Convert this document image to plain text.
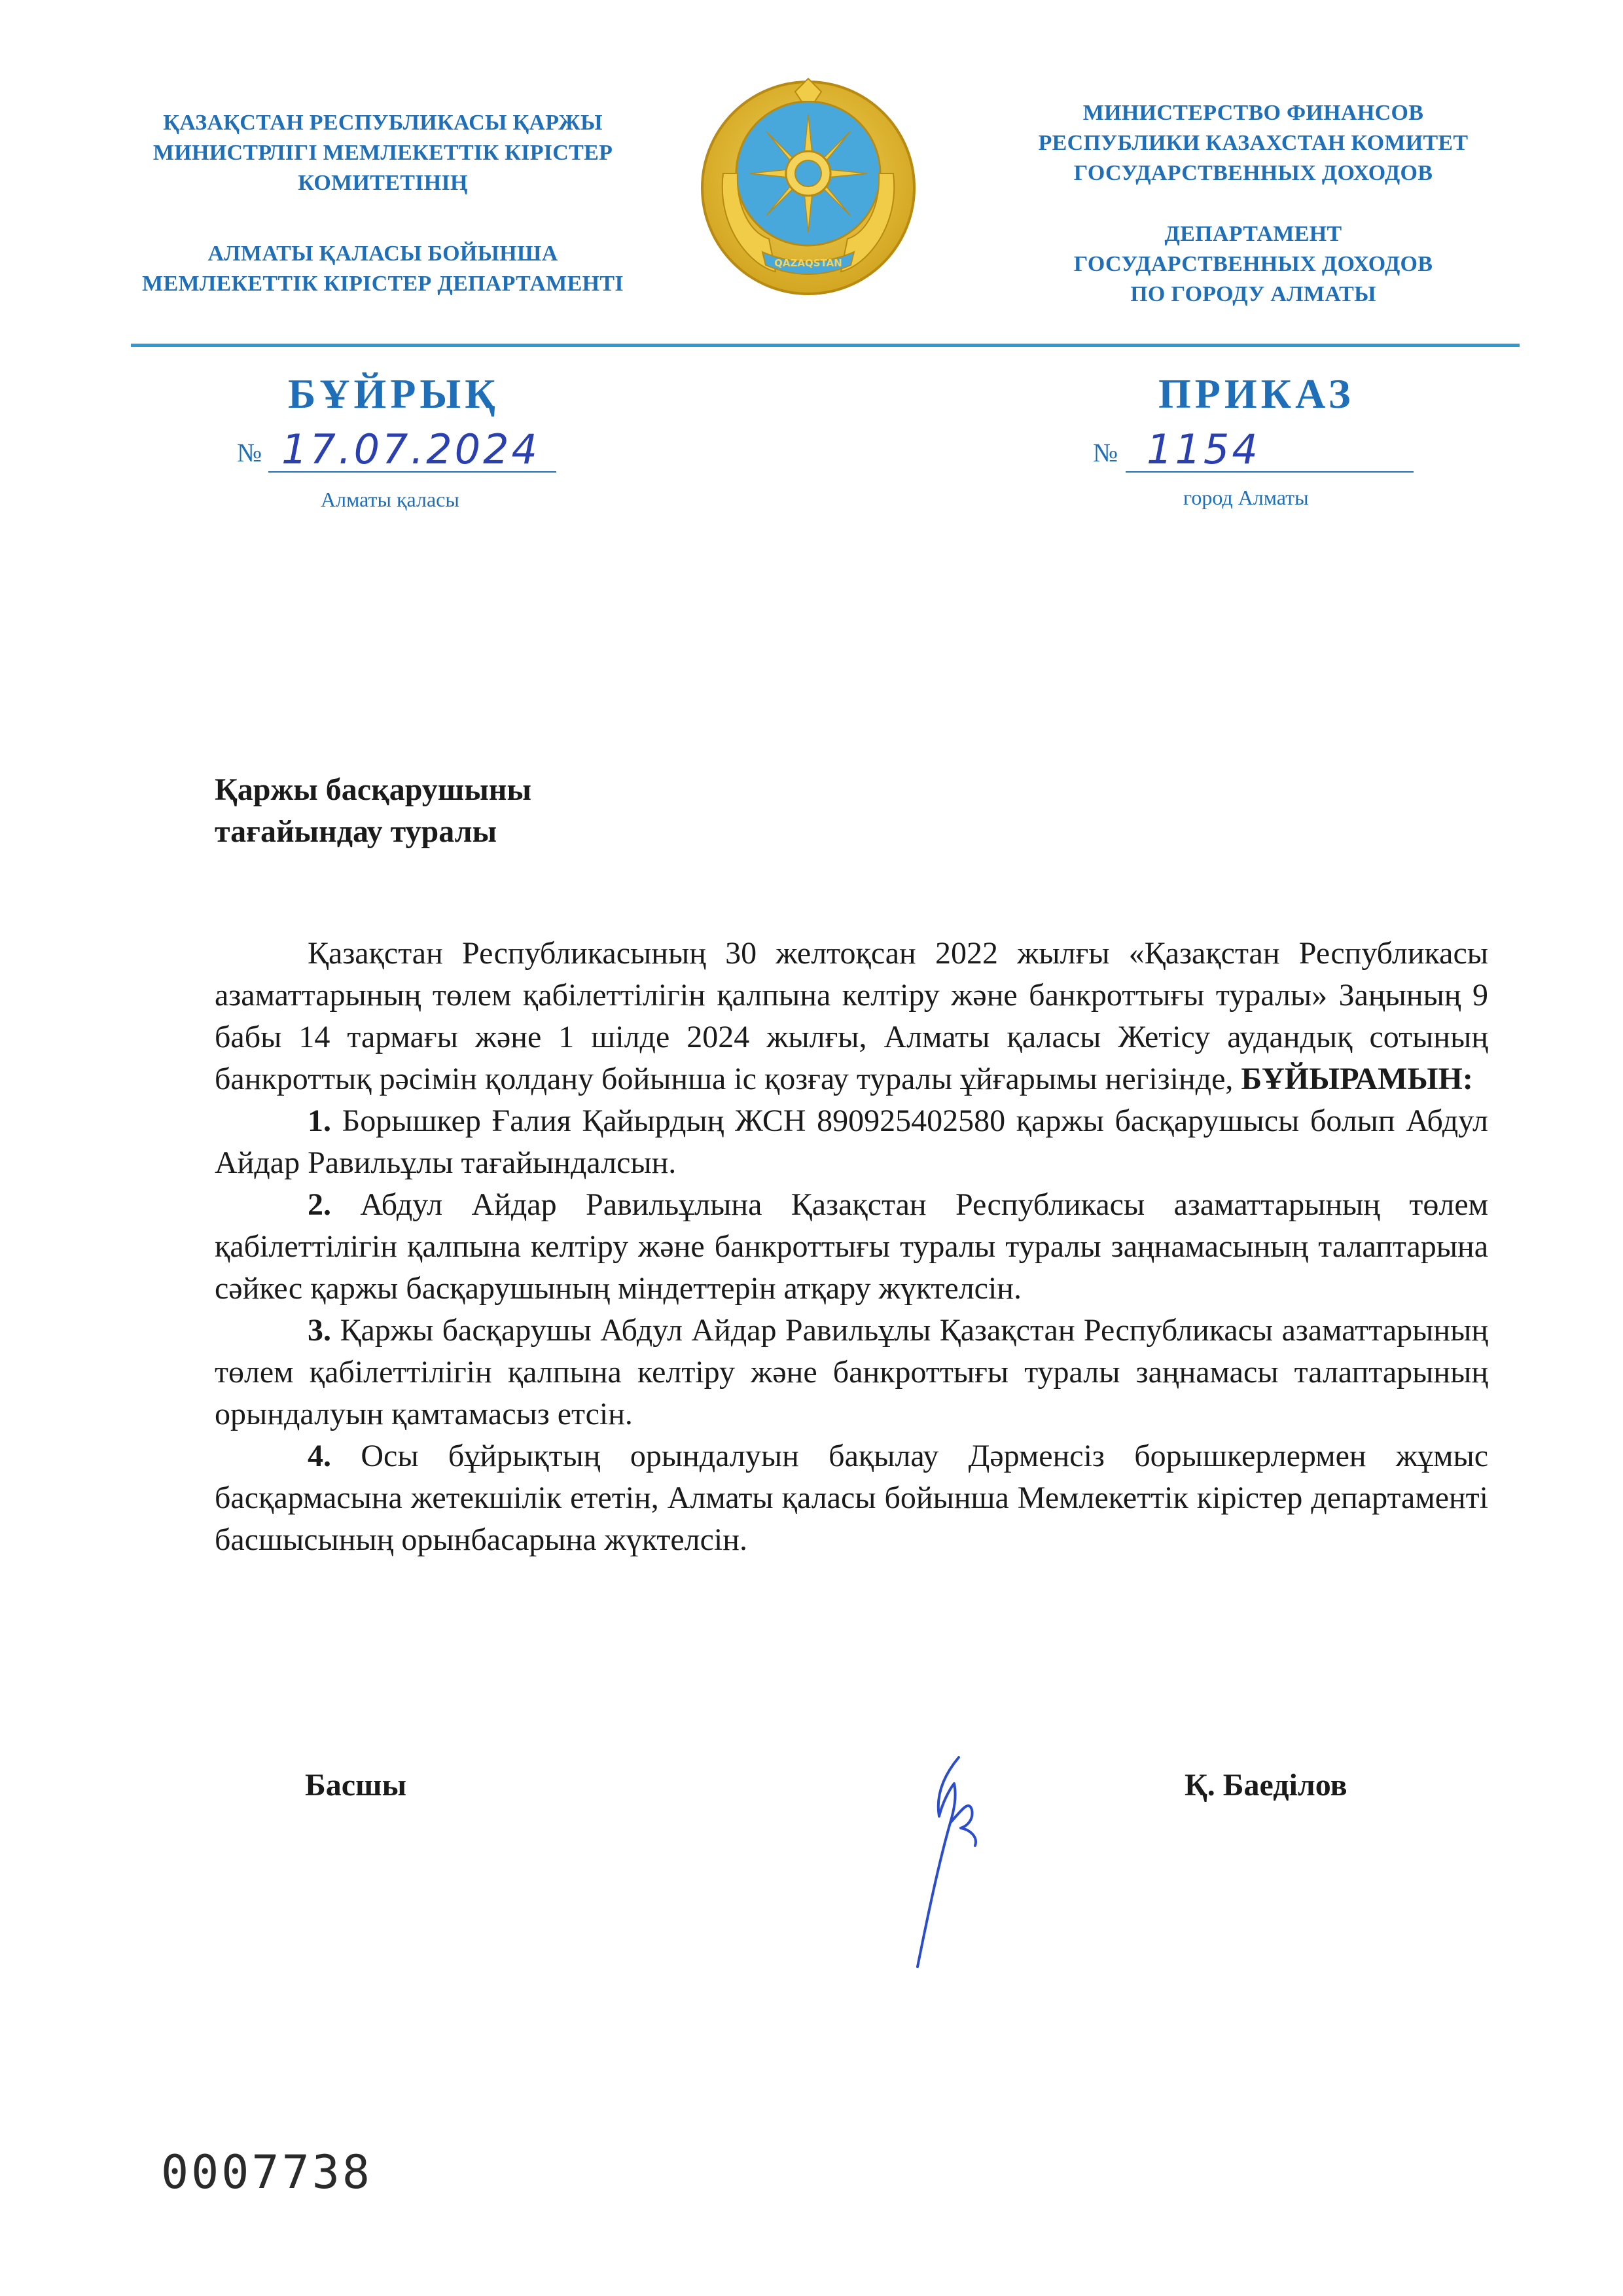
ҚАЗАҚСТАН РЕСПУБЛИКАСЫ ҚАРЖЫ
МИНИСТРЛІГІ МЕМЛЕКЕТТІК КІРІСТЕР
КОМИТЕТІНІҢ
АЛМАТЫ ҚАЛАСЫ БОЙЫНША
МЕМЛЕКЕТТІК КІРІСТЕР ДЕПАРТАМЕНТІ
QAZAQSTAN
МИНИСТЕРСТВО ФИНАНСОВ
РЕСПУБЛИКИ КАЗАХСТАН КОМИТЕТ
ГОСУДАРСТВЕННЫХ ДОХОДОВ
ДЕПАРТАМЕНТ
ГОСУДАРСТВЕННЫХ ДОХОДОВ
ПО ГОРОДУ АЛМАТЫ
БҰЙРЫҚ	ПРИКАЗ
№ 17.07.2024
Алматы қаласы
№ 1154
город Алматы
Қаржы басқарушыны
тағайындау туралы

Қазақстан Республикасының 30 желтоқсан 2022 жылғы «Қазақстан Республикасы азаматтарының төлем қабілеттілігін қалпына келтіру және банкроттығы туралы» Заңының 9 бабы 14 тармағы және 1 шілде 2024 жылғы, Алматы қаласы Жетісу аудандық сотының банкроттық рәсімін қолдану бойынша іс қозғау туралы ұйғарымы негізінде, БҰЙЫРАМЫН:

1. Борышкер Ғалия Қайырдың ЖСН 890925402580 қаржы басқарушысы болып Абдул Айдар Равильұлы тағайындалсын.

2. Абдул Айдар Равильұлына Қазақстан Республикасы азаматтарының төлем қабілеттілігін қалпына келтіру және банкроттығы туралы туралы заңнамасының талаптарына сәйкес қаржы басқарушының міндеттерін атқару жүктелсін.

3. Қаржы басқарушы Абдул Айдар Равильұлы Қазақстан Республикасы азаматтарының төлем қабілеттілігін қалпына келтіру және банкроттығы туралы заңнамасы талаптарының орындалуын қамтамасыз етсін.

4. Осы бұйрықтың орындалуын бақылау Дәрменсіз борышкерлермен жұмыс басқармасына жетекшілік ететін, Алматы қаласы бойынша Мемлекеттік кірістер департаменті басшысының орынбасарына жүктелсін.

Басшы	Қ. Баеділов
0007738
